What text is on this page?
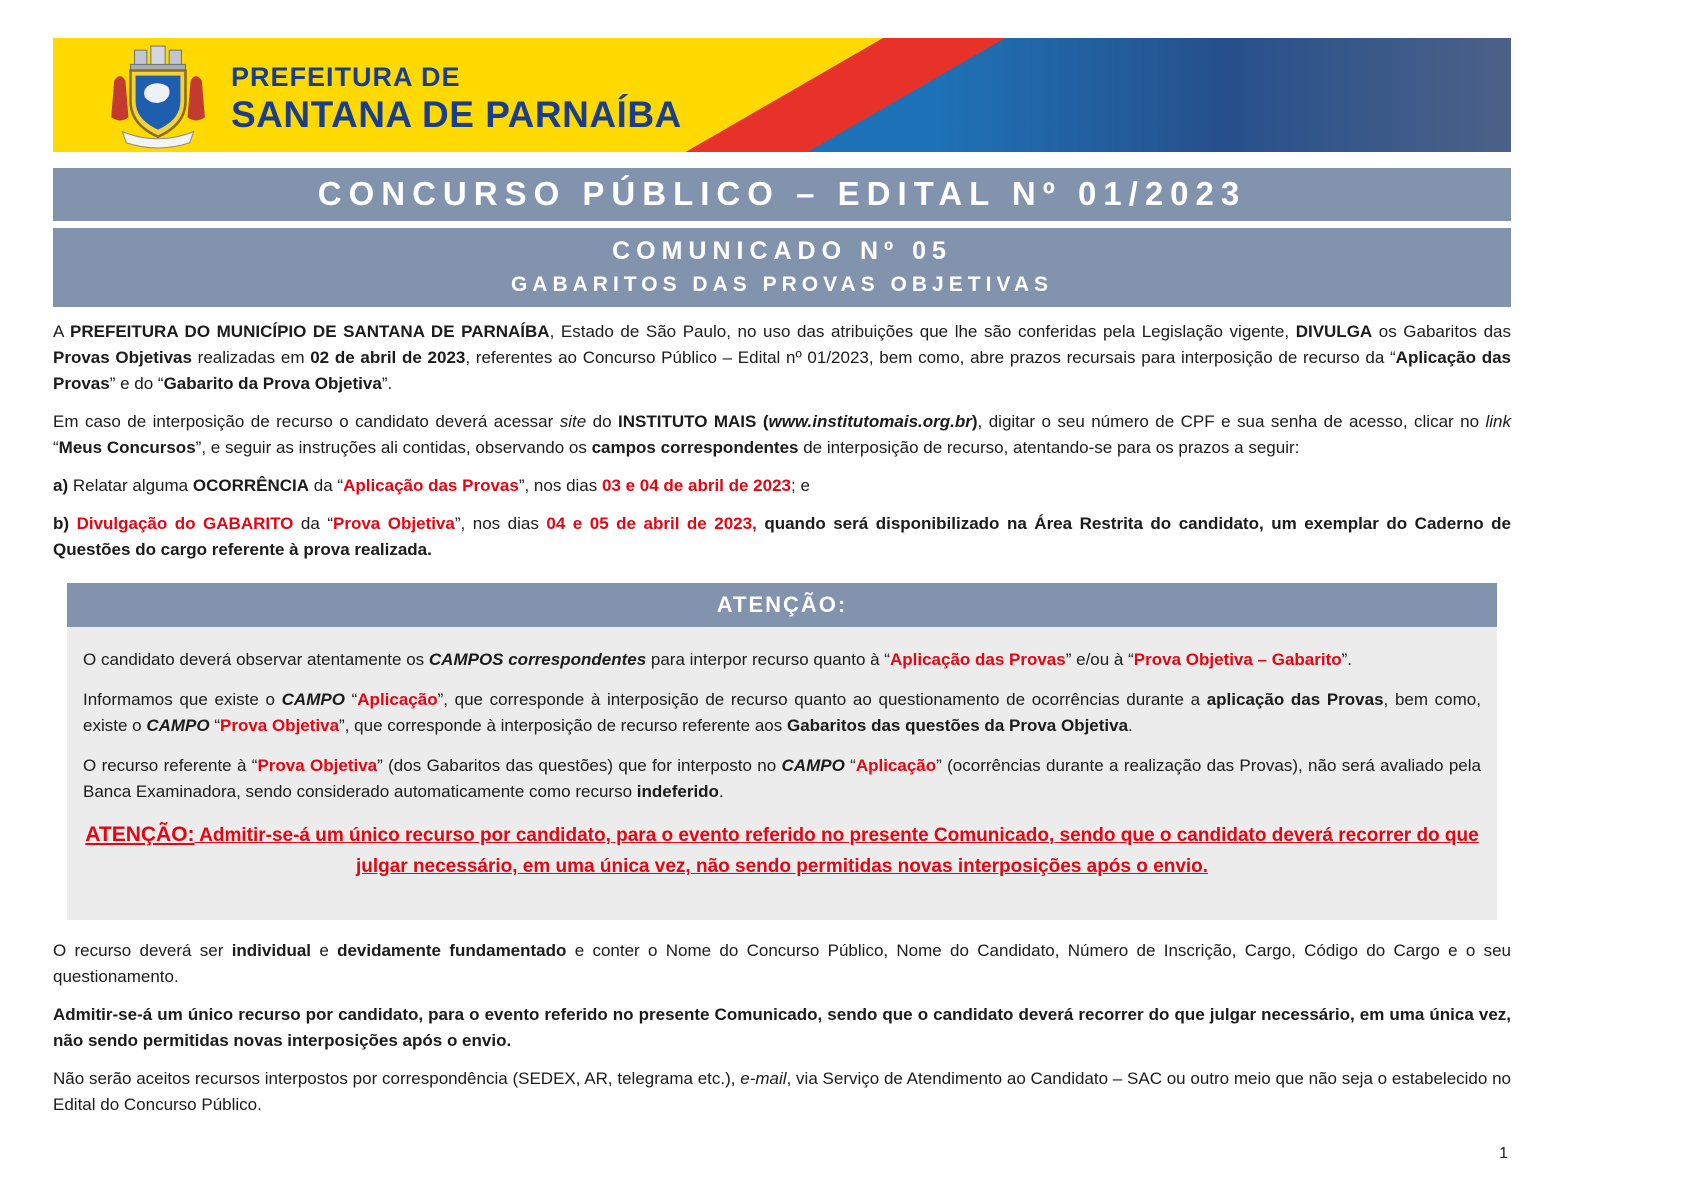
PREFEITURA DE
SANTANA DE PARNAÍBA
CONCURSO PÚBLICO – EDITAL Nº 01/2023
COMUNICADO Nº 05
GABARITOS DAS PROVAS OBJETIVAS

A PREFEITURA DO MUNICÍPIO DE SANTANA DE PARNAÍBA, Estado de São Paulo, no uso das atribuições que lhe são conferidas pela Legislação vigente, DIVULGA os Gabaritos das Provas Objetivas realizadas em 02 de abril de 2023, referentes ao Concurso Público – Edital nº 01/2023, bem como, abre prazos recursais para interposição de recurso da “Aplicação das Provas” e do “Gabarito da Prova Objetiva”.

Em caso de interposição de recurso o candidato deverá acessar site do INSTITUTO MAIS (www.institutomais.org.br), digitar o seu número de CPF e sua senha de acesso, clicar no link “Meus Concursos”, e seguir as instruções ali contidas, observando os campos correspondentes de interposição de recurso, atentando-se para os prazos a seguir:

a) Relatar alguma OCORRÊNCIA da “Aplicação das Provas”, nos dias 03 e 04 de abril de 2023; e

b) Divulgação do GABARITO da “Prova Objetiva”, nos dias 04 e 05 de abril de 2023, quando será disponibilizado na Área Restrita do candidato, um exemplar do Caderno de Questões do cargo referente à prova realizada.

ATENÇÃO:

O candidato deverá observar atentamente os CAMPOS correspondentes para interpor recurso quanto à “Aplicação das Provas” e/ou à “Prova Objetiva – Gabarito”.

Informamos que existe o CAMPO “Aplicação”, que corresponde à interposição de recurso quanto ao questionamento de ocorrências durante a aplicação das Provas, bem como, existe o CAMPO “Prova Objetiva”, que corresponde à interposição de recurso referente aos Gabaritos das questões da Prova Objetiva.

O recurso referente à “Prova Objetiva” (dos Gabaritos das questões) que for interposto no CAMPO “Aplicação” (ocorrências durante a realização das Provas), não será avaliado pela Banca Examinadora, sendo considerado automaticamente como recurso indeferido.

ATENÇÃO: Admitir-se-á um único recurso por candidato, para o evento referido no presente Comunicado, sendo que o candidato deverá recorrer do que julgar necessário, em uma única vez, não sendo permitidas novas interposições após o envio.

O recurso deverá ser individual e devidamente fundamentado e conter o Nome do Concurso Público, Nome do Candidato, Número de Inscrição, Cargo, Código do Cargo e o seu questionamento.

Admitir-se-á um único recurso por candidato, para o evento referido no presente Comunicado, sendo que o candidato deverá recorrer do que julgar necessário, em uma única vez, não sendo permitidas novas interposições após o envio.

Não serão aceitos recursos interpostos por correspondência (SEDEX, AR, telegrama etc.), e-mail, via Serviço de Atendimento ao Candidato – SAC ou outro meio que não seja o estabelecido no Edital do Concurso Público.

1
